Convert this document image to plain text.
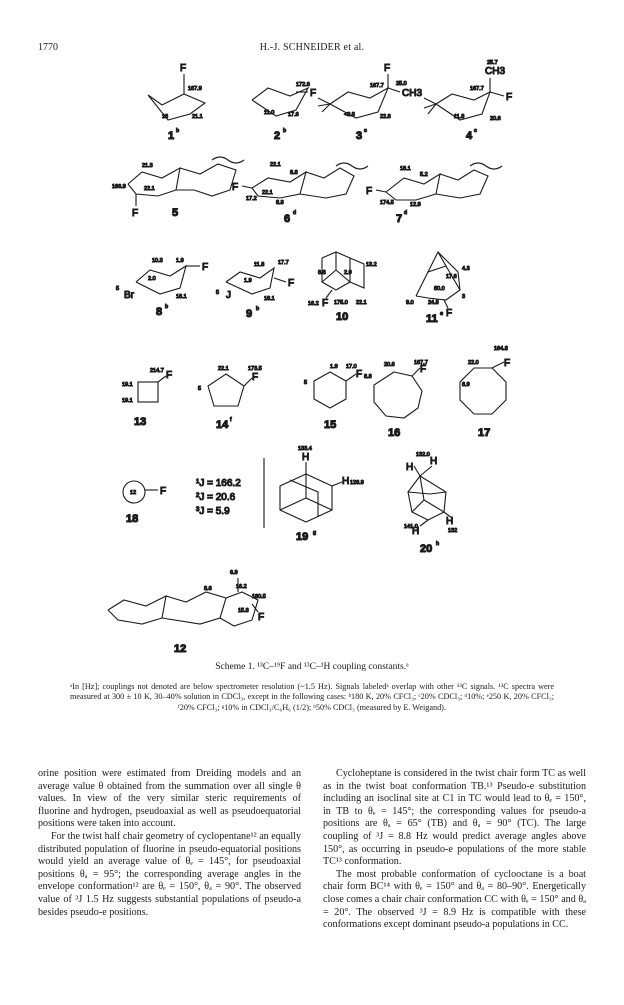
1770	H.-J. SCHNEIDER et al.
F
167.9
18	21.1
1 b
F
172.6
11.0 17.6
2 b
F
CH3
167.7 25.0
<0.8	22.8
3 c
CH3
F
25.7
167.7
11.8	20.6
4 c
F
21.3
166.9	22.1
5
F
22.1
8.8
17.2
22.1
8.8
6 d
F
18.1
5.2
174.5	12.9
7 d
F
Br
10.3 1.9
2.0
5
18.1
8 b
F
J
11.8 17.7
1.9
5
18.1
9 b	F
8.8	2.9
13.2
16.2	175.0 22.1
10	F
4.3
17.6
80.0
3
9.0	24.8
11 e
F
214.7
19.1
19.1
13
F
22.1	173.5
5
14 f
F
1.9 17.0
5
15
F
20.6	167.7
8.8
16
F
164.8
22.0
8.9
17
F
12
18
¹J = 166.2
²J = 20.6
³J = 5.9
H
H
133.4
126.9
19 g
H
H
H
H
132.0
141.0
132
20 h
F
6.9
8.6	16.2
180.5
15.8
12
Scheme 1. ¹³C–¹⁹F and ¹³C–¹H coupling constants.ᵃ
ᵃIn [Hz]; couplings not denoted are below spectrometer resolution (~1.5 Hz). Signals labeledᵃ overlap with other ¹³C signals. ¹³C spectra were measured at 300 ± 10 K, 30–40% solution in CDCl₃, except in the following cases: ᵇ180 K, 20% CFCl₃; ᶜ20% CDCl₃; ᵈ10%; ᵉ250 K, 20% CFCl₃; ᶠ20% CFCl₃; ᵍ10% in CDCl₃/C₆H₆ (1/2); ʰ50% CDCl₃ (measured by E. Weigand).

orine position were estimated from Dreiding models and an average value θ obtained from the summation over all single θ values. In view of the very similar steric requirements of fluorine and hydrogen, pseudoaxial as well as pseudoequatorial positions were taken into account.

For the twist half chair geometry of cyclopentane¹² an equally distributed population of fluorine in pseudo-equatorial positions would yield an average value of θₑ = 145°, for pseudoaxial positions θₐ = 95°; the corresponding average angles in the envelope conformation¹² are θₑ = 150°, θₐ = 90°. The observed value of ³J 1.5 Hz suggests substantial populations of pseudo-a besides pseudo-e positions.

Cycloheptane is considered in the twist chair form TC as well as in the twist boat conformation TB.¹³ Pseudo-e substitution including an isoclinal site at C1 in TC would lead to θₑ = 150°, in TB to θₑ = 145°; the corresponding values for pseudo-a positions are θₐ = 65° (TB) and θₐ = 90° (TC). The large coupling of ³J = 8.8 Hz would predict average angles above 150°, as occurring in pseudo-e populations of the more stable TC¹³ conformation.

The most probable conformation of cyclooctane is a boat chair form BC¹⁴ with θₑ = 150° and θₐ = 80–90°. Energetically close comes a chair chair conformation CC with θₑ = 150° and θₐ = 20°. The observed ³J = 8.9 Hz is compatible with these conformations except dominant pseudo-a populations in CC.
